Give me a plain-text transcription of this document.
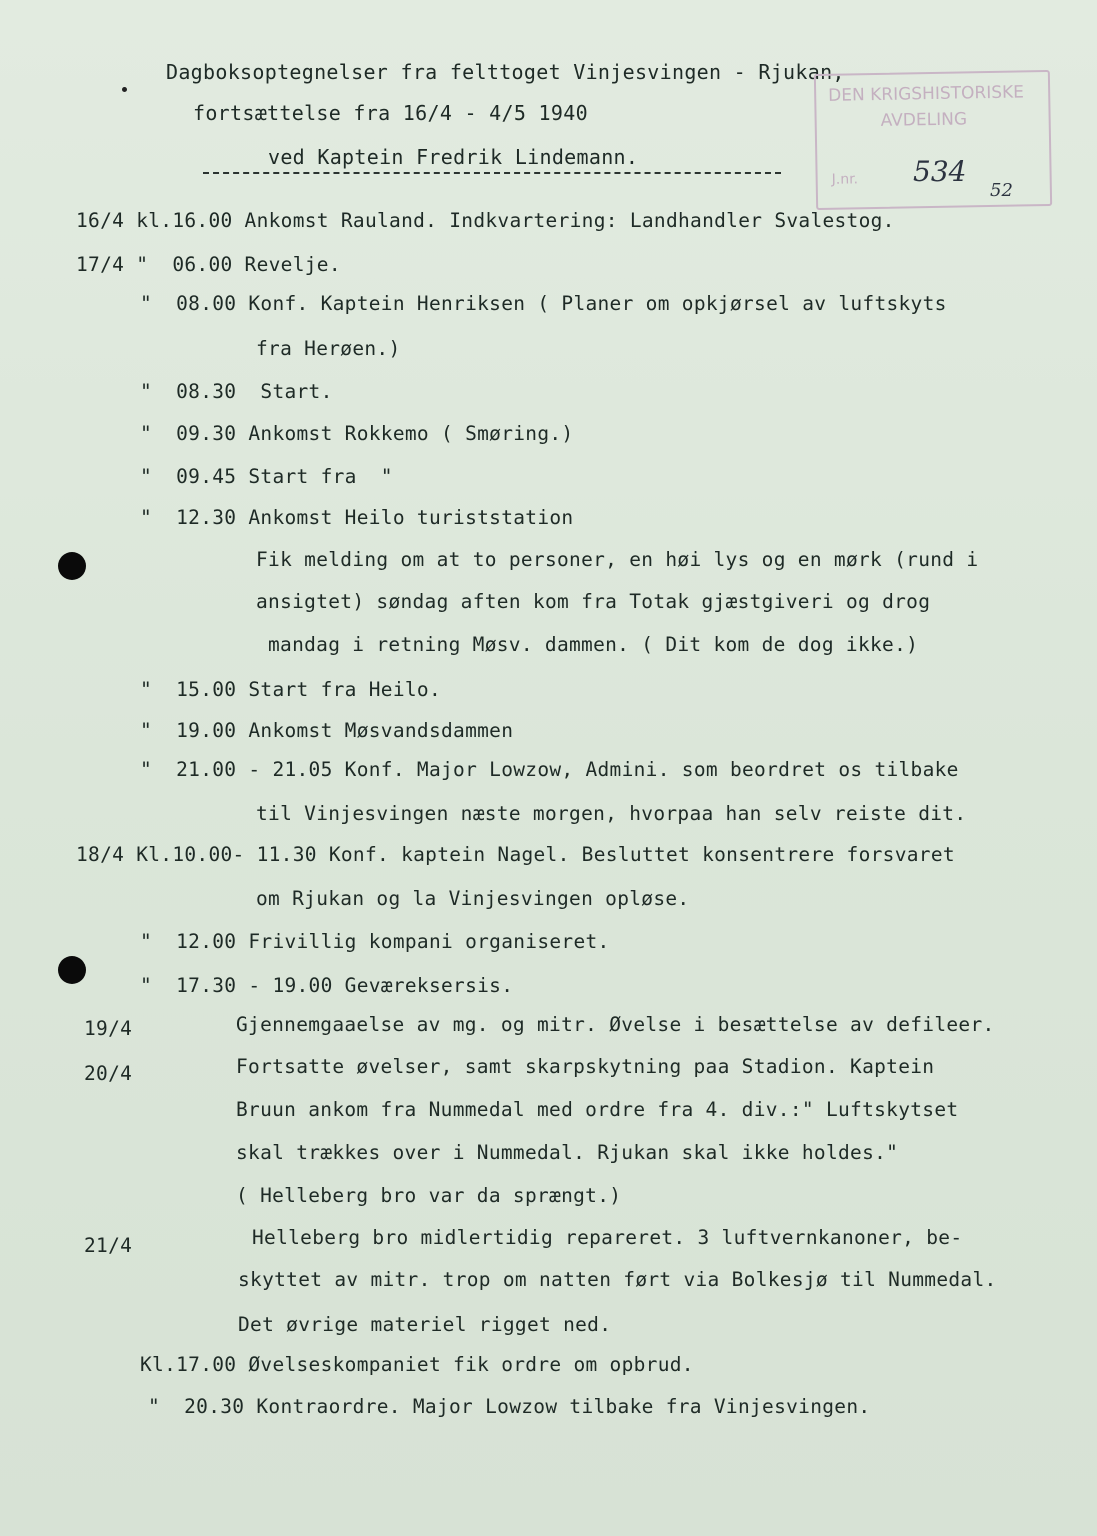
Dagboksoptegnelser fra felttoget Vinjesvingen - Rjukan,
fortsættelse fra 16/4 - 4/5 1940
ved Kaptein Fredrik Lindemann.
DEN KRIGSHISTORISKE
AVDELING
J.nr. 534
52
16/4 kl.16.00 Ankomst Rauland. Indkvartering: Landhandler Svalestog.
17/4 "  06.00 Revelje.
"  08.00 Konf. Kaptein Henriksen ( Planer om opkjørsel av luftskyts
fra Herøen.)
"  08.30  Start.
"  09.30 Ankomst Rokkemo ( Smøring.)
"  09.45 Start fra  "
"  12.30 Ankomst Heilo turiststation
Fik melding om at to personer, en høi lys og en mørk (rund i
ansigtet) søndag aften kom fra Totak gjæstgiveri og drog
mandag i retning Møsv. dammen. ( Dit kom de dog ikke.)
"  15.00 Start fra Heilo.
"  19.00 Ankomst Møsvandsdammen
"  21.00 - 21.05 Konf. Major Lowzow, Admini. som beordret os tilbake
til Vinjesvingen næste morgen, hvorpaa han selv reiste dit.
18/4 Kl.10.00- 11.30 Konf. kaptein Nagel. Besluttet konsentrere forsvaret
om Rjukan og la Vinjesvingen opløse.
"  12.00 Frivillig kompani organiseret.
"  17.30 - 19.00 Geværeksersis.
19/4	Gjennemgaaelse av mg. og mitr. Øvelse i besættelse av defileer.
20/4	Fortsatte øvelser, samt skarpskytning paa Stadion. Kaptein
Bruun ankom fra Nummedal med ordre fra 4. div.:" Luftskytset
skal trækkes over i Nummedal. Rjukan skal ikke holdes."
( Helleberg bro var da sprængt.)
21/4	Helleberg bro midlertidig repareret. 3 luftvernkanoner, be-
skyttet av mitr. trop om natten ført via Bolkesjø til Nummedal.
Det øvrige materiel rigget ned.
Kl.17.00 Øvelseskompaniet fik ordre om opbrud.
"  20.30 Kontraordre. Major Lowzow tilbake fra Vinjesvingen.
